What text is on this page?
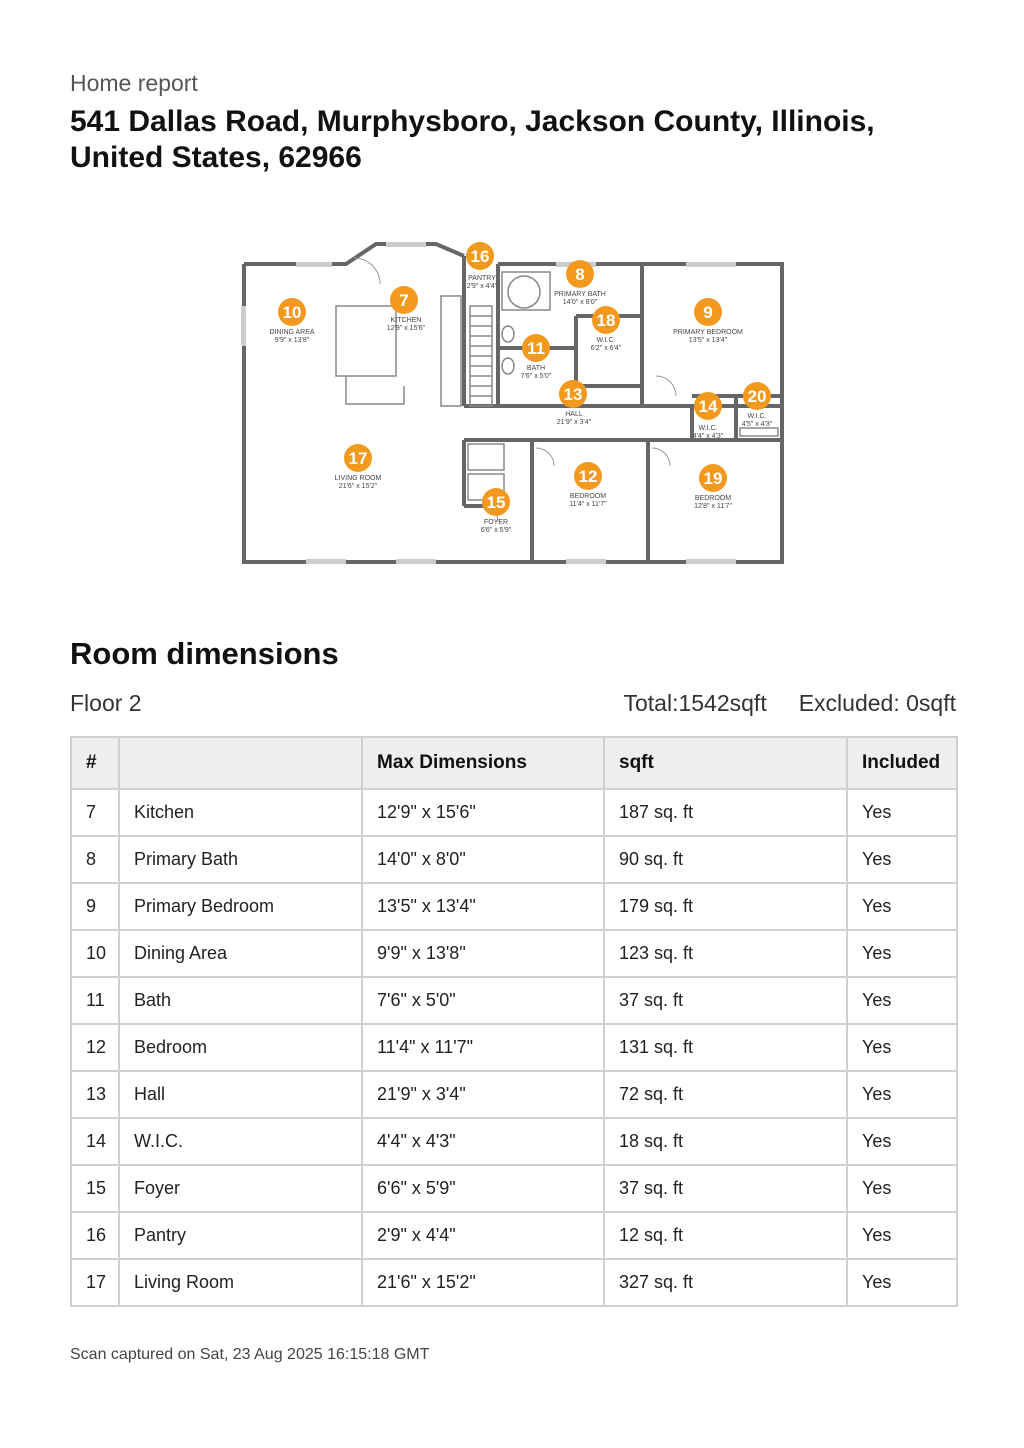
Home report
541 Dallas Road, Murphysboro, Jackson County, Illinois, United States, 62966
DINING AREA
9'9" x 13'8"
KITCHEN
12'9" x 15'6"
PANTRY
2'9" x 4'4"
PRIMARY BATH
14'0" x 8'0"
W.I.C.
6'2" x 6'4"
PRIMARY BEDROOM
13'5" x 13'4"
BATH
7'6" x 5'0"
HALL
21'9" x 3'4"
W.I.C.
4'4" x 4'3"
W.I.C.
4'5" x 4'3"
LIVING ROOM
21'6" x 15'2"
BEDROOM
11'4" x 11'7"
BEDROOM
12'8" x 11'7"
FOYER
6'6" x 5'9"
10
7
16
8
18	9
11
13
14
20
17
12	19
15
Room dimensions
Floor 2	Total:1542sqft Excluded: 0sqft
#		Max Dimensions	sqft	Included
7	Kitchen	12'9" x 15'6"	187 sq. ft	Yes
8	Primary Bath	14'0" x 8'0"	90 sq. ft	Yes
9	Primary Bedroom	13'5" x 13'4"	179 sq. ft	Yes
10	Dining Area	9'9" x 13'8"	123 sq. ft	Yes
11	Bath	7'6" x 5'0"	37 sq. ft	Yes
12	Bedroom	11'4" x 11'7"	131 sq. ft	Yes
13	Hall	21'9" x 3'4"	72 sq. ft	Yes
14	W.I.C.	4'4" x 4'3"	18 sq. ft	Yes
15	Foyer	6'6" x 5'9"	37 sq. ft	Yes
16	Pantry	2'9" x 4'4"	12 sq. ft	Yes
17	Living Room	21'6" x 15'2"	327 sq. ft	Yes
Scan captured on Sat, 23 Aug 2025 16:15:18 GMT
